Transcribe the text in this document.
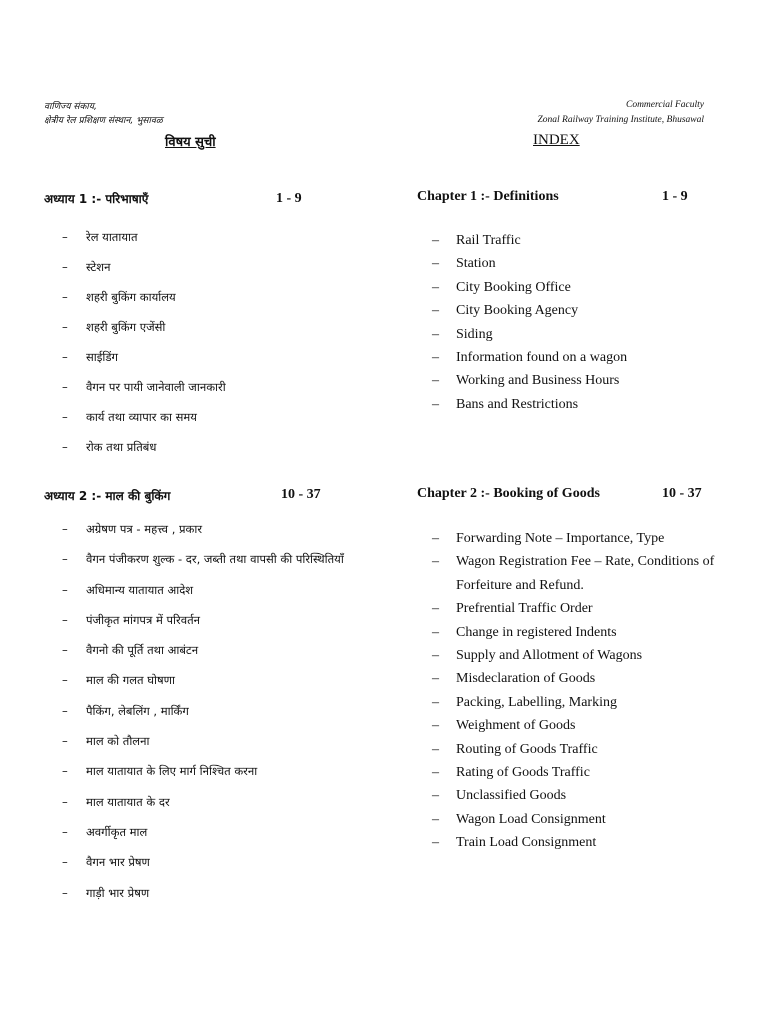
वाणिज्य संकाय,
क्षेत्रीय रेल प्रशिक्षण संस्थान, भुसावळ
Commercial Faculty
Zonal Railway Training Institute, Bhusawal
विषय सुची	INDEX
अध्याय 1 :- परिभाषाएँ	1 - 9
– रेल यातायात
– स्टेशन
– शहरी बुकिंग कार्यालय
– शहरी बुकिंग एजेंसी
– साईडिंग
– वैगन पर पायी जानेवाली जानकारी
– कार्य तथा व्यापार का समय
– रोक तथा प्रतिबंध
Chapter 1 :- Definitions	1 - 9
– Rail Traffic
– Station
– City Booking Office
– City Booking Agency
– Siding
– Information found on a wagon
– Working and Business Hours
– Bans and Restrictions
अध्याय 2 :- माल की बुकिंग	10 - 37
– अग्रेषण पत्र - महत्त्व , प्रकार
– वैगन पंजीकरण शुल्क - दर, जब्ती तथा वापसी की परिस्थितियाँ
– अधिमान्य यातायात आदेश
– पंजीकृत मांगपत्र में परिवर्तन
– वैगनो की पूर्ति तथा आबंटन
– माल की गलत घोषणा
– पैकिंग, लेबलिंग , मार्किंग
– माल को तौलना
– माल यातायात के लिए मार्ग निश्चित करना
– माल यातायात के दर
– अवर्गीकृत माल
– वैगन भार प्रेषण
– गाड़ी भार प्रेषण
Chapter 2 :- Booking of Goods	10 - 37
– Forwarding Note – Importance, Type
– Wagon Registration Fee – Rate, Conditions of Forfeiture and Refund.
– Prefrential Traffic Order
– Change in registered Indents
– Supply and Allotment of Wagons
– Misdeclaration of Goods
– Packing, Labelling, Marking
– Weighment of Goods
– Routing of Goods Traffic
– Rating of Goods Traffic
– Unclassified Goods
– Wagon Load Consignment
– Train Load Consignment
